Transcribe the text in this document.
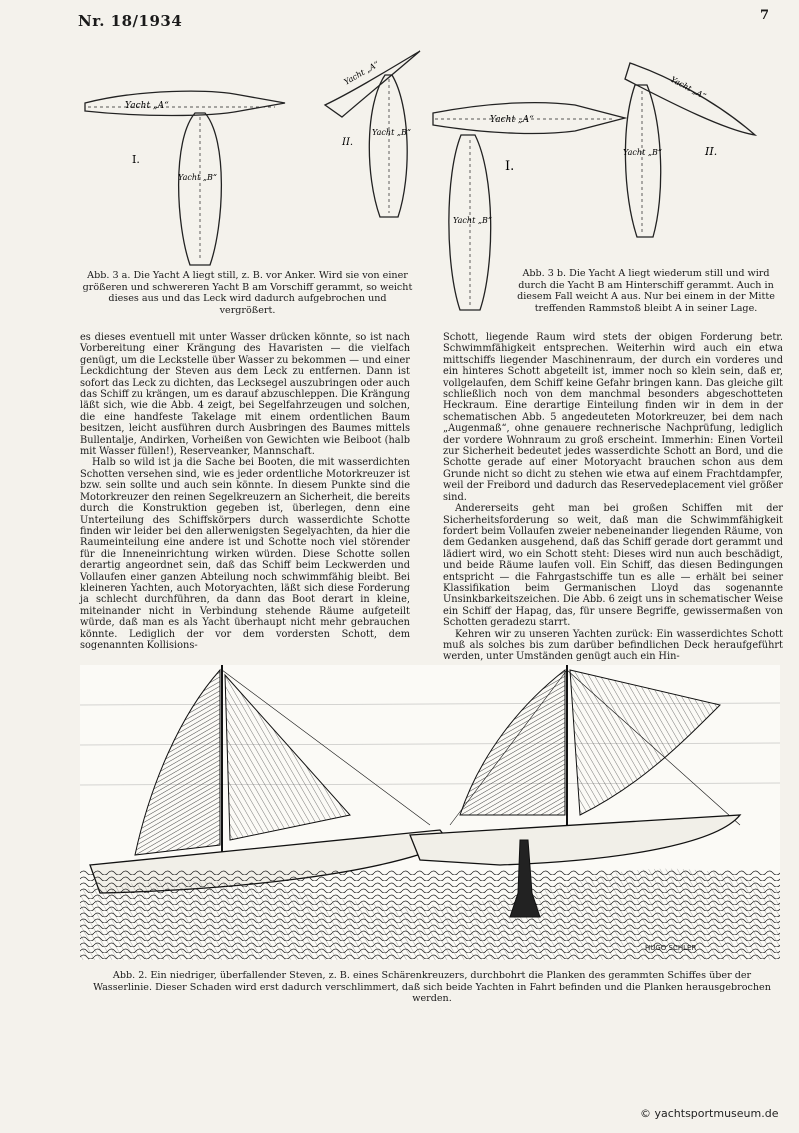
Nr. 18/1934	7
Yacht „A“
Yacht „A“
Yacht „B“
Yacht „B“
I.
II.
Yacht „A“
Yacht „A“
Yacht „B“
Yacht „B“
I.
II.
Abb. 3 a. Die Yacht A liegt still, z. B. vor Anker. Wird sie von einer größeren und schwereren Yacht B am Vorschiff gerammt, so weicht dieses aus und das Leck wird dadurch aufgebrochen und vergrößert.
Abb. 3 b. Die Yacht A liegt wiederum still und wird durch die Yacht B am Hinterschiff gerammt. Auch in diesem Fall weicht A aus. Nur bei einem in der Mitte treffenden Rammstoß bleibt A in seiner Lage.

es dieses eventuell mit unter Wasser drücken könnte, so ist nach Vorbereitung einer Krängung des Havaristen — die vielfach genügt, um die Leckstelle über Wasser zu bekommen — und einer Leckdichtung der Steven aus dem Leck zu entfernen. Dann ist sofort das Leck zu dichten, das Lecksegel auszubringen oder auch das Schiff zu krängen, um es darauf abzuschleppen. Die Krängung läßt sich, wie die Abb. 4 zeigt, bei Segelfahrzeugen und solchen, die eine handfeste Takelage mit einem ordentlichen Baum besitzen, leicht ausführen durch Ausbringen des Baumes mittels Bullentalje, Andirken, Vorheißen von Gewichten wie Beiboot (halb mit Wasser füllen!), Reserveanker, Mannschaft.

Halb so wild ist ja die Sache bei Booten, die mit wasserdichten Schotten versehen sind, wie es jeder ordentliche Motorkreuzer ist bzw. sein sollte und auch sein könnte. In diesem Punkte sind die Motorkreuzer den reinen Segelkreuzern an Sicherheit, die bereits durch die Konstruktion gegeben ist, überlegen, denn eine Unterteilung des Schiffskörpers durch wasserdichte Schotte finden wir leider bei den allerwenigsten Segelyachten, da hier die Raumeinteilung eine andere ist und Schotte noch viel störender für die Inneneinrichtung wirken würden. Diese Schotte sollen derartig angeordnet sein, daß das Schiff beim Leckwerden und Vollaufen einer ganzen Abteilung noch schwimmfähig bleibt. Bei kleineren Yachten, auch Motoryachten, läßt sich diese Forderung ja schlecht durchführen, da dann das Boot derart in kleine, miteinander nicht in Verbindung stehende Räume aufgeteilt würde, daß man es als Yacht überhaupt nicht mehr gebrauchen könnte. Lediglich der vor dem vordersten Schott, dem sogenannten Kollisions-

Schott, liegende Raum wird stets der obigen Forderung betr. Schwimmfähigkeit entsprechen. Weiterhin wird auch ein etwa mittschiffs liegender Maschinenraum, der durch ein vorderes und ein hinteres Schott abgeteilt ist, immer noch so klein sein, daß er, vollgelaufen, dem Schiff keine Gefahr bringen kann. Das gleiche gilt schließlich noch von dem manchmal besonders abgeschotteten Heckraum. Eine derartige Einteilung finden wir in dem in der schematischen Abb. 5 angedeuteten Motorkreuzer, bei dem nach „Augenmaß“, ohne genauere rechnerische Nachprüfung, lediglich der vordere Wohnraum zu groß erscheint. Immerhin: Einen Vorteil zur Sicherheit bedeutet jedes wasserdichte Schott an Bord, und die Schotte gerade auf einer Motoryacht brauchen schon aus dem Grunde nicht so dicht zu stehen wie etwa auf einem Frachtdampfer, weil der Freibord und dadurch das Reservedeplacement viel größer sind.

Andererseits geht man bei großen Schiffen mit der Sicherheitsforderung so weit, daß man die Schwimmfähigkeit fordert beim Vollaufen zweier nebeneinander liegenden Räume, von dem Gedanken ausgehend, daß das Schiff gerade dort gerammt und lädiert wird, wo ein Schott steht: Dieses wird nun auch beschädigt, und beide Räume laufen voll. Ein Schiff, das diesen Bedingungen entspricht — die Fahrgastschiffe tun es alle — erhält bei seiner Klassifikation beim Germanischen Lloyd das sogenannte Unsinkbarkeitszeichen. Die Abb. 6 zeigt uns in schematischer Weise ein Schiff der Hapag, das, für unsere Begriffe, gewissermaßen von Schotten geradezu starrt.

Kehren wir zu unseren Yachten zurück: Ein wasserdichtes Schott muß als solches bis zum darüber befindlichen Deck heraufgeführt werden, unter Umständen genügt auch ein Hin-

HUGO SCHLER
Abb. 2. Ein niedriger, überfallender Steven, z. B. eines Schärenkreuzers, durchbohrt die Planken des gerammten Schiffes über der Wasserlinie. Dieser Schaden wird erst dadurch verschlimmert, daß sich beide Yachten in Fahrt befinden und die Planken herausgebrochen werden.
© yachtsportmuseum.de
